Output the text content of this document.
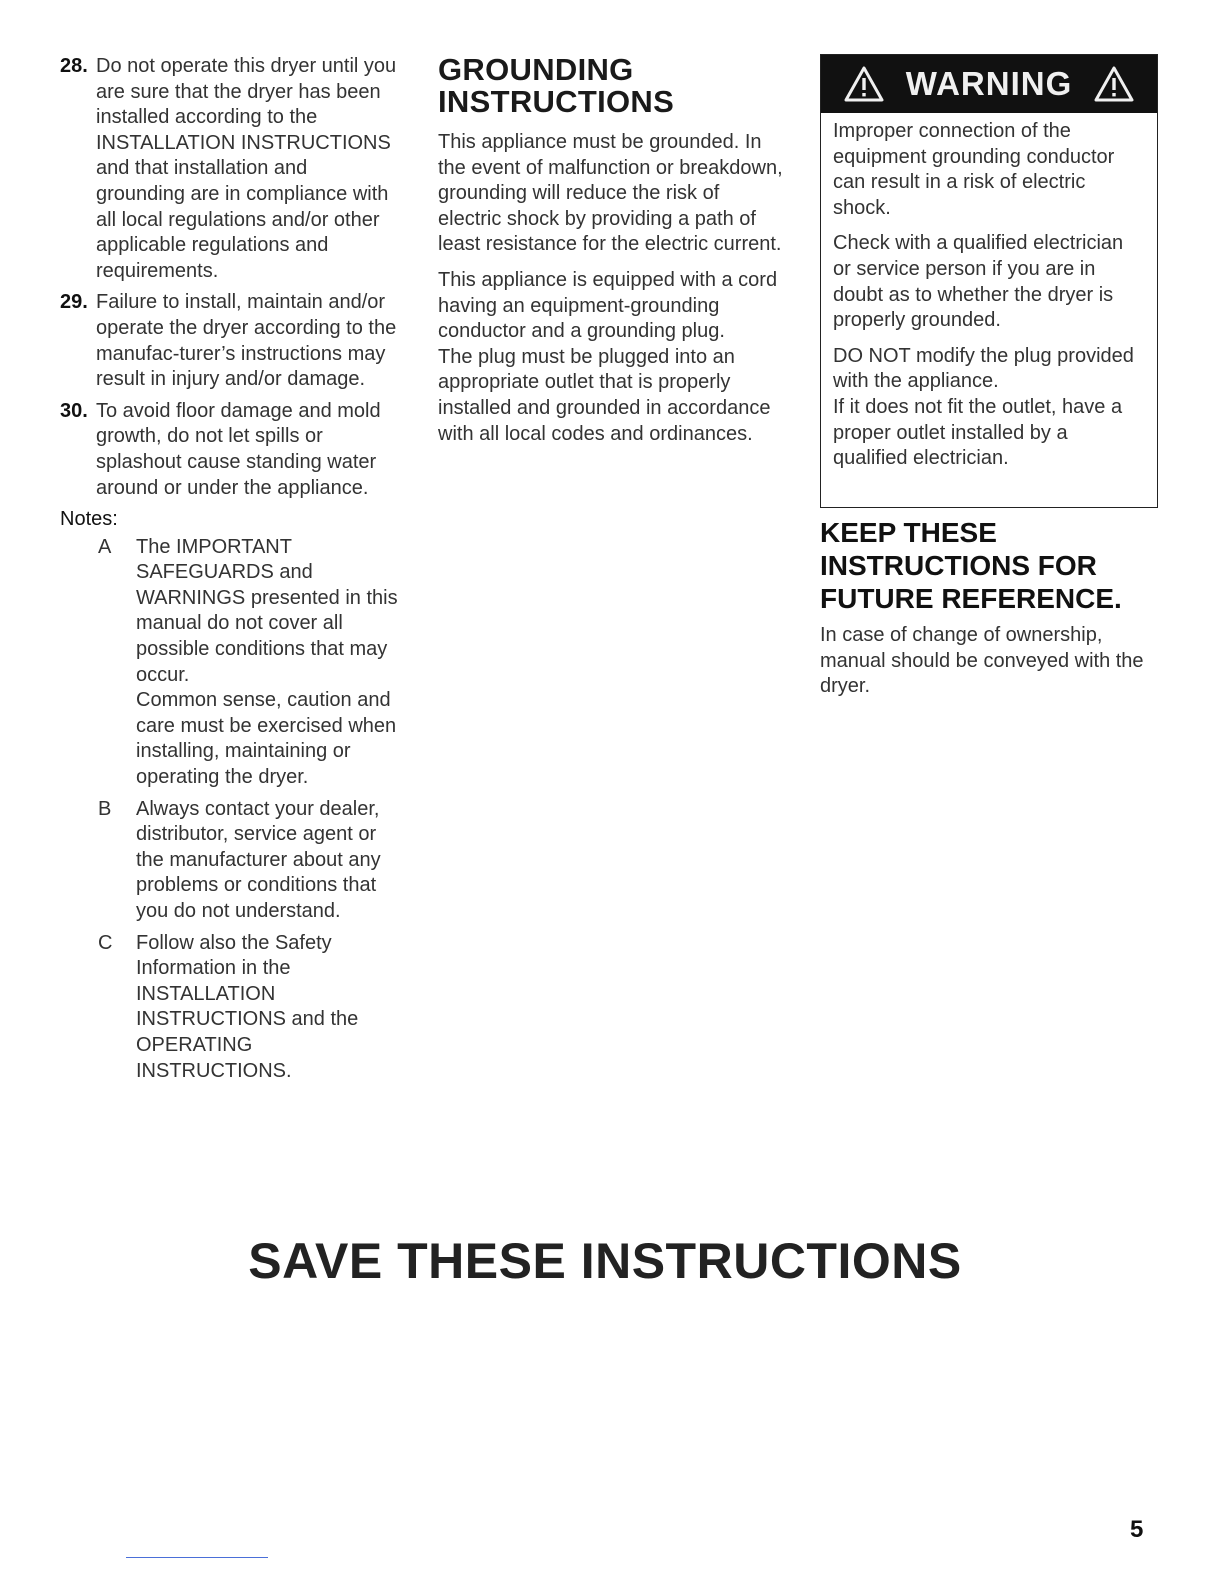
28. Do not operate this dryer until you are sure that the dryer has been installed according to the INSTALLATION INSTRUCTIONS and that installation and grounding are in compliance with all local regulations and/or other applicable regulations and requirements.
29. Failure to install, maintain and/or operate the dryer according to the manufac-turer’s instructions may result in injury and/or damage.
30. To avoid floor damage and mold growth, do not let spills or splashout cause standing water around or under the appliance.
Notes:
A	The IMPORTANT SAFEGUARDS and WARNINGS presented in this manual do not cover all possible conditions that may occur.
Common sense, caution and care must be exercised when installing, maintaining or operating the dryer.
B	Always contact your dealer, distributor, service agent or the manufacturer about any problems or conditions that you do not understand.
C	Follow also the Safety Information in the INSTALLATION INSTRUCTIONS and the OPERATING INSTRUCTIONS.
GROUNDING
INSTRUCTIONS
This appliance must be grounded. In the event of malfunction or breakdown, grounding will reduce the risk of electric shock by providing a path of least resistance for the electric current.
This appliance is equipped with a cord having an equipment-grounding conductor and a grounding plug.
The plug must be plugged into an appropriate outlet that is properly installed and grounded in accordance with all local codes and ordinances.
WARNING
Improper connection of the equipment grounding conductor can result in a risk of electric shock.
Check with a qualified electrician or service person if you are in doubt as to whether the dryer is properly grounded.
DO NOT modify the plug provided with the appliance.
If it does not fit the outlet, have a proper outlet installed by a qualified electrician.
KEEP THESE
INSTRUCTIONS FOR
FUTURE REFERENCE.
In case of change of ownership, manual should be conveyed with the dryer.
SAVE THESE INSTRUCTIONS
5
